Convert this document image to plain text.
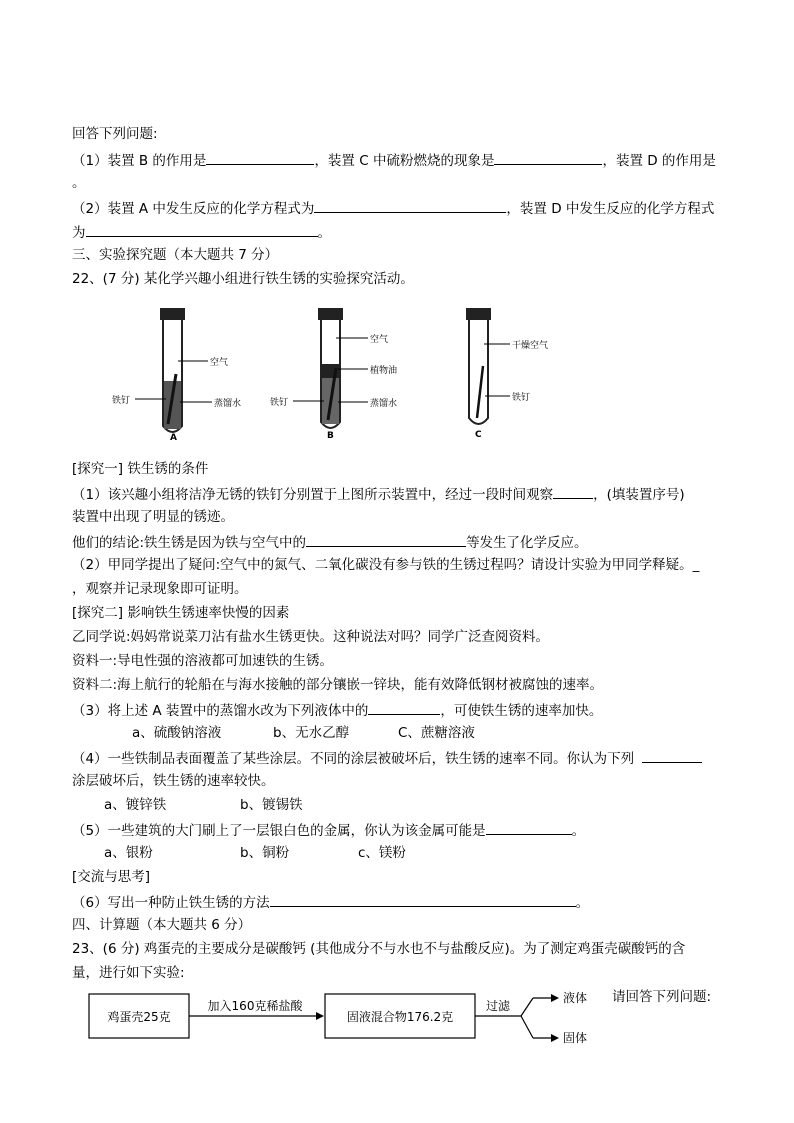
回答下列问题:
（1）装置 B 的作用是	，装置 C 中硫粉燃烧的现象是	，装置 D 的作用是
。
（2）装置 A 中发生反应的化学方程式为	，装置 D 中发生反应的化学方程式
为	。
三、实验探究题（本大题共 7 分）
22、(7 分) 某化学兴趣小组进行铁生锈的实验探究活动。
空气
铁钉	蒸馏水
A
空气
植物油
铁钉	蒸馏水
B
干燥空气
铁钉
C
[探究一] 铁生锈的条件
（1）该兴趣小组将洁净无锈的铁钉分别置于上图所示装置中，经过一段时间观察	，(填装置序号)
装置中出现了明显的锈迹。
他们的结论:铁生锈是因为铁与空气中的	等发生了化学反应。
（2）甲同学提出了疑问:空气中的氮气、二氧化碳没有参与铁的生锈过程吗？请设计实验为甲同学释疑。_
，观察并记录现象即可证明。
[探究二] 影响铁生锈速率快慢的因素
乙同学说:妈妈常说菜刀沾有盐水生锈更快。这种说法对吗？同学广泛查阅资料。
资料一:导电性强的溶液都可加速铁的生锈。
资料二:海上航行的轮船在与海水接触的部分镶嵌一锌块，能有效降低钢材被腐蚀的速率。
（3）将上述 A 装置中的蒸馏水改为下列液体中的	，可使铁生锈的速率加快。
a、硫酸钠溶液	b、无水乙醇	C、蔗糖溶液
（4）一些铁制品表面覆盖了某些涂层。不同的涂层被破坏后，铁生锈的速率不同。你认为下列
涂层破坏后，铁生锈的速率较快。
a、镀锌铁	b、镀锡铁
（5）一些建筑的大门刷上了一层银白色的金属，你认为该金属可能是	。
a、银粉	b、铜粉	c、镁粉
[交流与思考]
（6）写出一种防止铁生锈的方法	。
四、计算题（本大题共 6 分）
23、(6 分) 鸡蛋壳的主要成分是碳酸钙 (其他成分不与水也不与盐酸反应)。为了测定鸡蛋壳碳酸钙的含
量，进行如下实验:
鸡蛋壳25克
加入160克稀盐酸
固液混合物176.2克
过滤
液体
固体
请回答下列问题:
